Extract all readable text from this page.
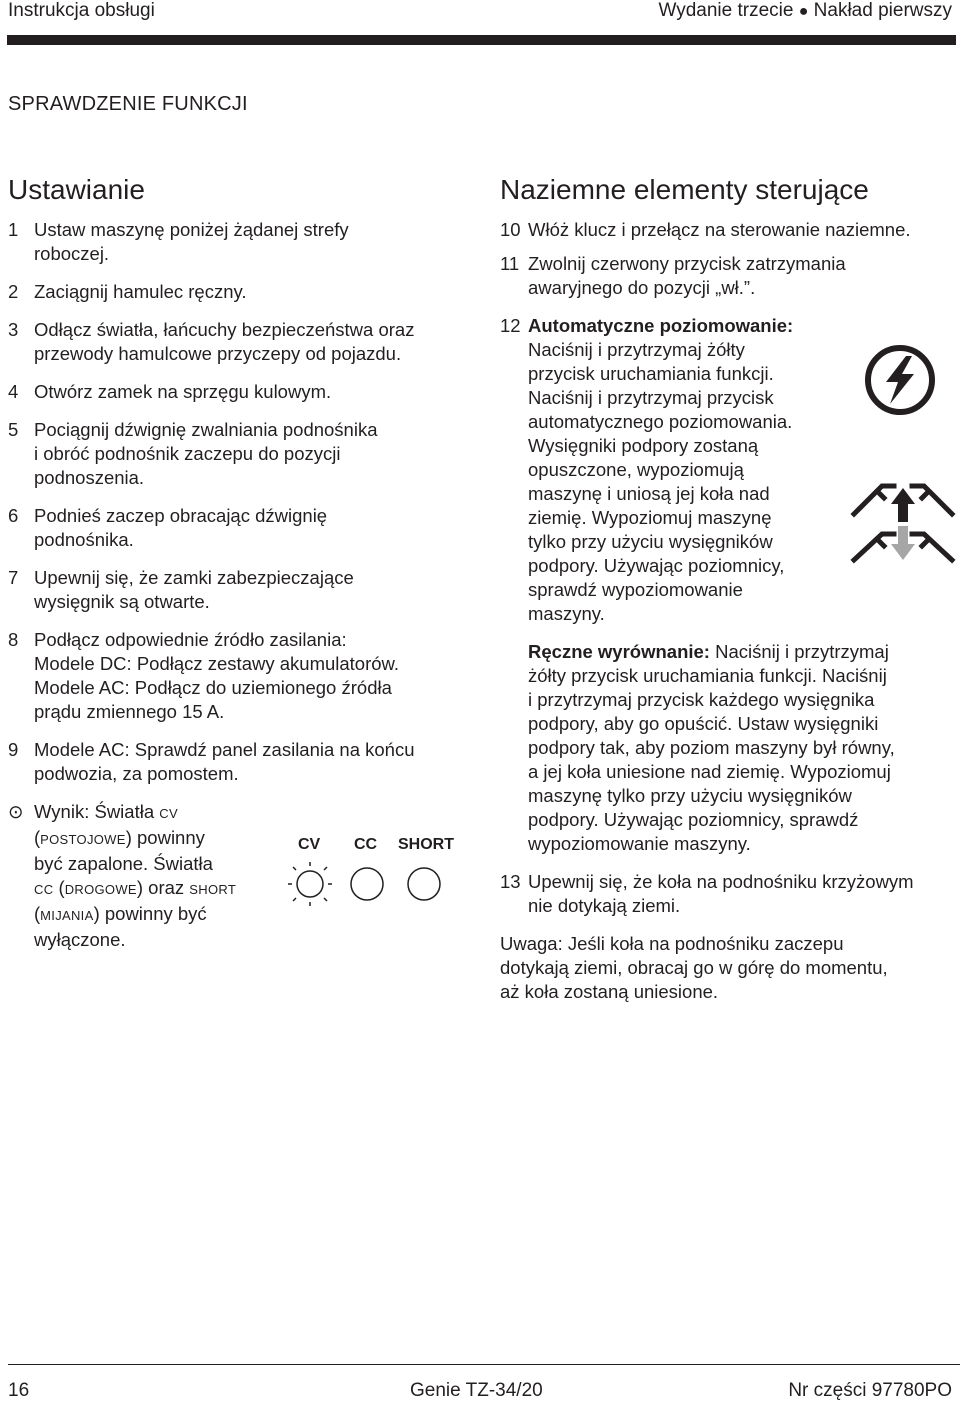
Instrukcja obsługi	Wydanie trzecie ● Nakład pierwszy
SPRAWDZENIE FUNKCJI
Ustawianie
1 Ustaw maszynę poniżej żądanej strefy
roboczej.
2 Zaciągnij hamulec ręczny.
3 Odłącz światła, łańcuchy bezpieczeństwa oraz
przewody hamulcowe przyczepy od pojazdu.
4 Otwórz zamek na sprzęgu kulowym.
5 Pociągnij dźwignię zwalniania podnośnika
i obróć podnośnik zaczepu do pozycji
podnoszenia.
6 Podnieś zaczep obracając dźwignię
podnośnika.
7 Upewnij się, że zamki zabezpieczające
wysięgnik są otwarte.
8 Podłącz odpowiednie źródło zasilania:
Modele DC: Podłącz zestawy akumulatorów.
Modele AC: Podłącz do uziemionego źródła
prądu zmiennego 15 A.
9 Modele AC: Sprawdź panel zasilania na końcu
podwozia, za pomostem.
⊙ Wynik: Światła CV
(POSTOJOWE) powinny
być zapalone. Światła
CC (DROGOWE) oraz SHORT
(MIJANIA) powinny być
wyłączone.
CV CC SHORT
Naziemne elementy sterujące
10 Włóż klucz i przełącz na sterowanie naziemne.
11 Zwolnij czerwony przycisk zatrzymania
awaryjnego do pozycji „wł.”.
12 Automatyczne poziomowanie:
Naciśnij i przytrzymaj żółty
przycisk uruchamiania funkcji.
Naciśnij i przytrzymaj przycisk
automatycznego poziomowania.
Wysięgniki podpory zostaną
opuszczone, wypoziomują
maszynę i uniosą jej koła nad
ziemię. Wypoziomuj maszynę
tylko przy użyciu wysięgników
podpory. Używając poziomnicy,
sprawdź wypoziomowanie
maszyny.
Ręczne wyrównanie: Naciśnij i przytrzymaj
żółty przycisk uruchamiania funkcji. Naciśnij
i przytrzymaj przycisk każdego wysięgnika
podpory, aby go opuścić. Ustaw wysięgniki
podpory tak, aby poziom maszyny był równy,
a jej koła uniesione nad ziemię. Wypoziomuj
maszynę tylko przy użyciu wysięgników
podpory. Używając poziomnicy, sprawdź
wypoziomowanie maszyny.
13 Upewnij się, że koła na podnośniku krzyżowym
nie dotykają ziemi.
Uwaga: Jeśli koła na podnośniku zaczepu
dotykają ziemi, obracaj go w górę do momentu,
aż koła zostaną uniesione.
16	Genie TZ-34/20	Nr części 97780PO
